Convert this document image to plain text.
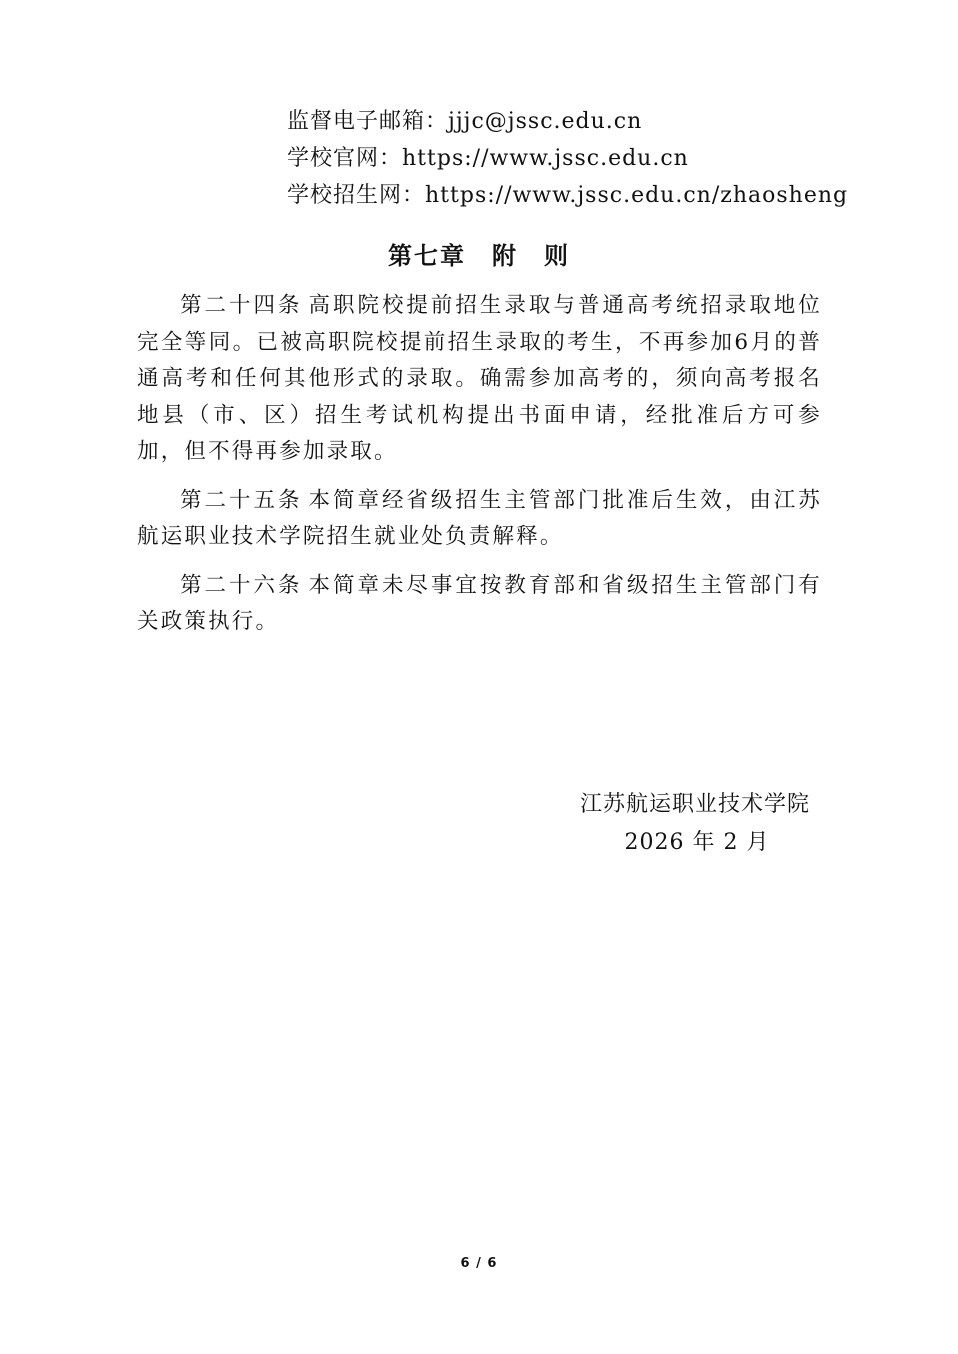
监督电子邮箱：jjjc@jssc.edu.cn
学校官网：https://www.jssc.edu.cn
学校招生网：https://www.jssc.edu.cn/zhaosheng
第七章　附　则

第二十四条 高职院校提前招生录取与普通高考统招录取地位完全等同。已被高职院校提前招生录取的考生，不再参加6月的普通高考和任何其他形式的录取。确需参加高考的，须向高考报名地县（市、区）招生考试机构提出书面申请，经批准后方可参加，但不得再参加录取。

第二十五条 本简章经省级招生主管部门批准后生效，由江苏航运职业技术学院招生就业处负责解释。

第二十六条 本简章未尽事宜按教育部和省级招生主管部门有关政策执行。

江苏航运职业技术学院
2026 年 2 月
6 / 6
